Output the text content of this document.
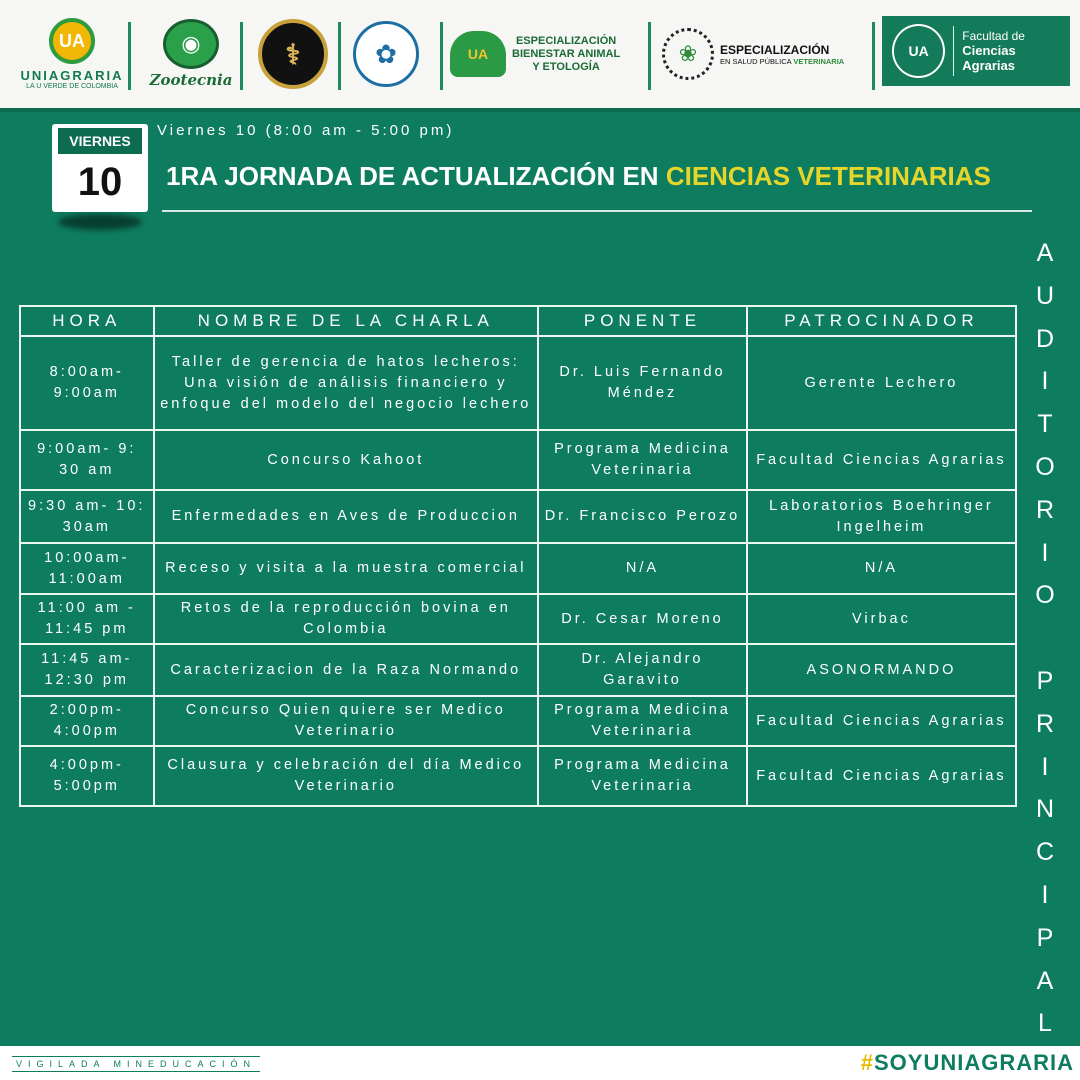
UA
UNIAGRARIA
LA U VERDE DE COLOMBIA
◉
Zootecnia
⚕	✿	UA
ESPECIALIZACIÓN
BIENESTAR ANIMAL
Y ETOLOGÍA
❀	ESPECIALIZACIÓN
EN SALUD PÚBLICA VETERINARIA
UA
Facultad de
Ciencias Agrarias
VIERNES
10
Viernes 10 (8:00 am - 5:00 pm)
1RA JORNADA DE ACTUALIZACIÓN EN CIENCIAS VETERINARIAS
A
U
D
I
T
O
R
I
O
P
R
I
N
C
I
P
A
L
HORA	NOMBRE DE LA CHARLA	PONENTE	PATROCINADOR
8:00am- 9:00am	Taller de gerencia de hatos lecheros: Una visión de análisis financiero y enfoque del modelo del negocio lechero	Dr. Luis Fernando Méndez	Gerente Lechero
9:00am- 9: 30 am	Concurso Kahoot	Programa Medicina Veterinaria	Facultad Ciencias Agrarias
9:30 am- 10: 30am	Enfermedades en Aves de Produccion	Dr. Francisco Perozo	Laboratorios Boehringer Ingelheim
10:00am- 11:00am	Receso y visita a la muestra comercial	N/A	N/A
11:00 am - 11:45 pm	Retos de la reproducción bovina en Colombia	Dr. Cesar Moreno	Virbac
11:45 am- 12:30 pm	Caracterizacion de la Raza Normando	Dr. Alejandro Garavito	ASONORMANDO
2:00pm- 4:00pm	Concurso Quien quiere ser Medico Veterinario	Programa Medicina Veterinaria	Facultad Ciencias Agrarias
4:00pm- 5:00pm	Clausura y celebración del día Medico Veterinario	Programa Medicina Veterinaria	Facultad Ciencias Agrarias
VIGILADA MINEDUCACIÓN	#SOYUNIAGRARIA
